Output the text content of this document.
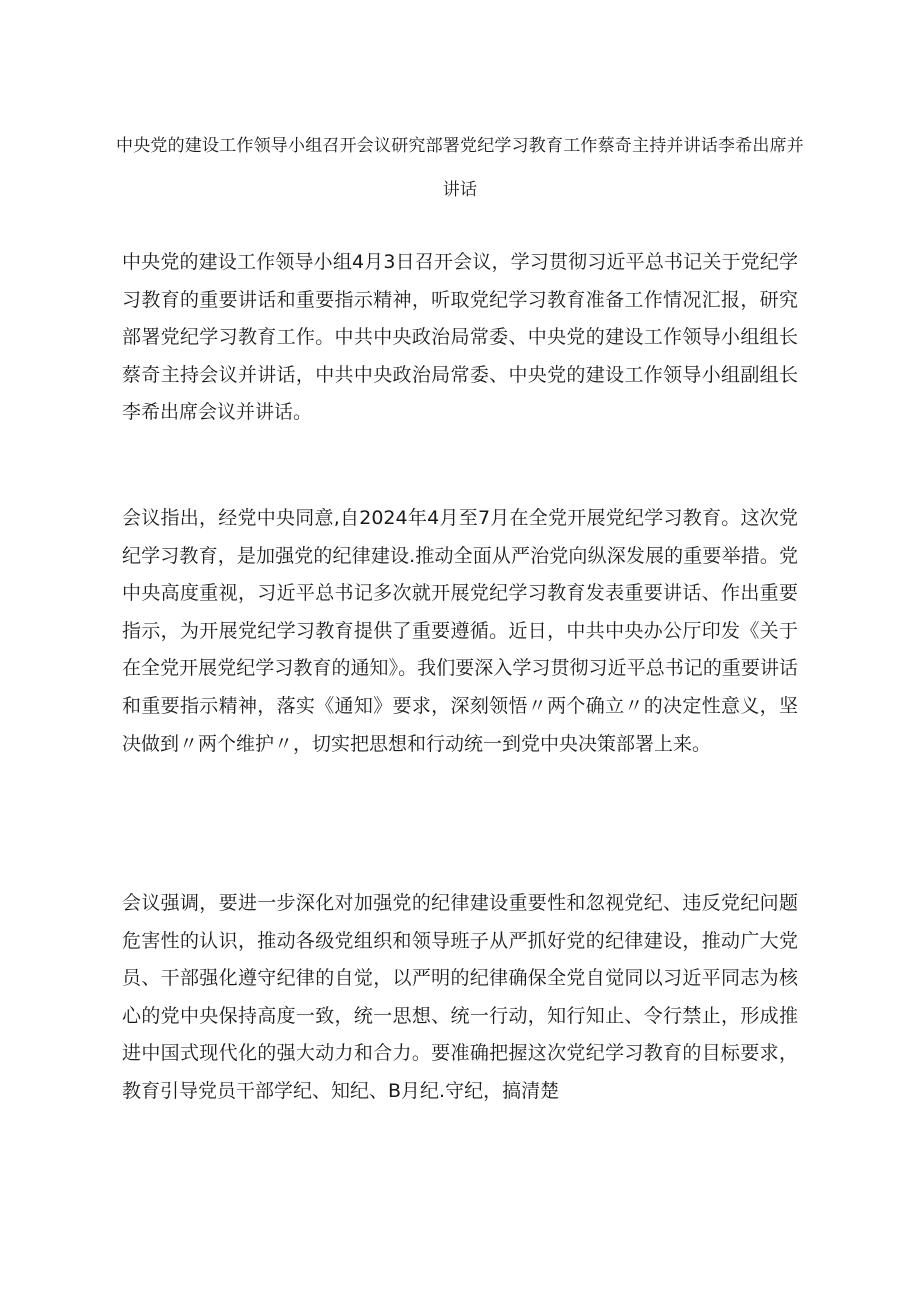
中央党的建设工作领导小组召开会议研究部署党纪学习教育工作蔡奇主持并讲话李希出席并讲话
中央党的建设工作领导小组4月3日召开会议，学习贯彻习近平总书记关于党纪学习教育的重要讲话和重要指示精神，听取党纪学习教育准备工作情况汇报，研究部署党纪学习教育工作。中共中央政治局常委、中央党的建设工作领导小组组长蔡奇主持会议并讲话，中共中央政治局常委、中央党的建设工作领导小组副组长李希出席会议并讲话。
会议指出，经党中央同意,自2024年4月至7月在全党开展党纪学习教育。这次党纪学习教育，是加强党的纪律建设.推动全面从严治党向纵深发展的重要举措。党中央高度重视，习近平总书记多次就开展党纪学习教育发表重要讲话、作出重要指示，为开展党纪学习教育提供了重要遵循。近日，中共中央办公厅印发《关于在全党开展党纪学习教育的通知》。我们要深入学习贯彻习近平总书记的重要讲话和重要指示精神，落实《通知》要求，深刻领悟〃两个确立〃的决定性意义，坚决做到〃两个维护〃，切实把思想和行动统一到党中央决策部署上来。
会议强调，要进一步深化对加强党的纪律建设重要性和忽视党纪、违反党纪问题危害性的认识，推动各级党组织和领导班子从严抓好党的纪律建设，推动广大党员、干部强化遵守纪律的自觉，以严明的纪律确保全党自觉同以习近平同志为核心的党中央保持高度一致，统一思想、统一行动，知行知止、令行禁止，形成推进中国式现代化的强大动力和合力。要准确把握这次党纪学习教育的目标要求，教育引导党员干部学纪、知纪、B月纪.守纪，搞清楚
